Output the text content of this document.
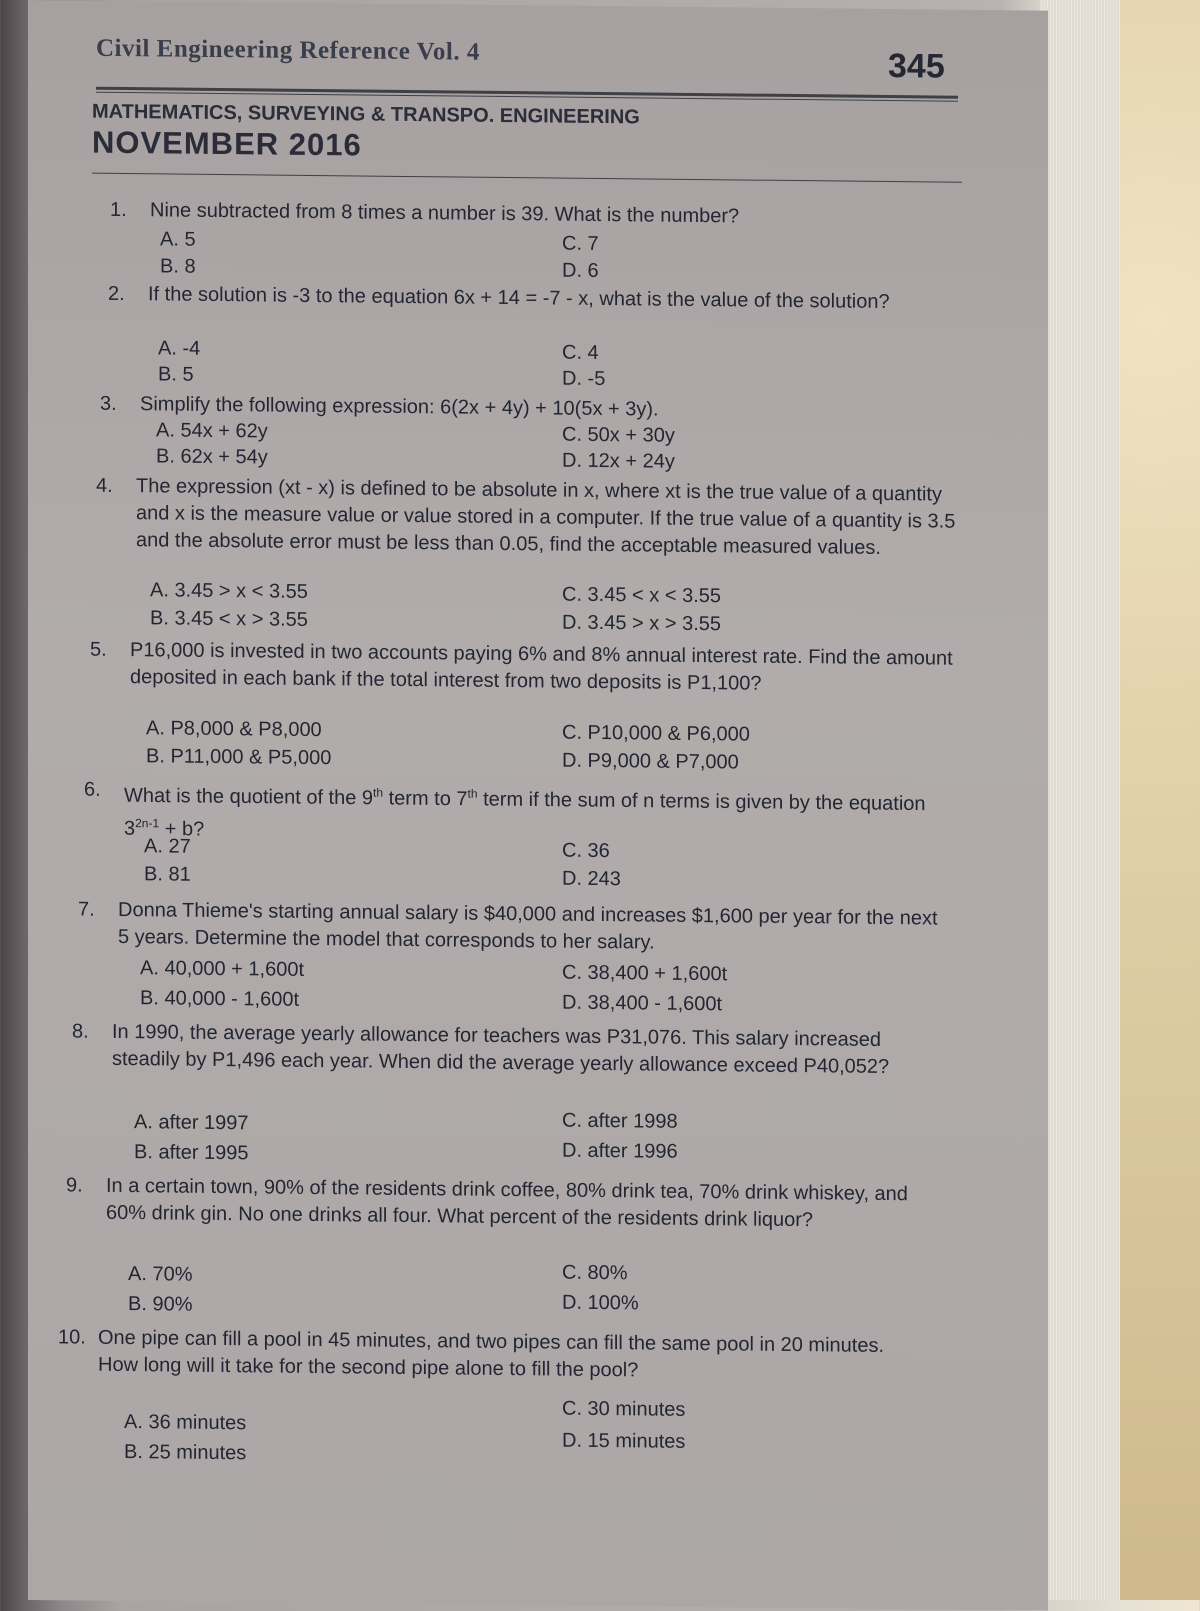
Civil Engineering Reference Vol. 4	345
MATHEMATICS, SURVEYING & TRANSPO. ENGINEERING
NOVEMBER 2016
1. Nine subtracted from 8 times a number is 39. What is the number?
A. 5
B. 8
C. 7
D. 6
2. If the solution is -3 to the equation 6x + 14 = -7 - x, what is the value of the solution?
A. -4
B. 5
C. 4
D. -5
3. Simplify the following expression: 6(2x + 4y) + 10(5x + 3y).
A. 54x + 62y
B. 62x + 54y
C. 50x + 30y
D. 12x + 24y
4. The expression (xt - x) is defined to be absolute in x, where xt is the true value of a quantity and x is the measure value or value stored in a computer. If the true value of a quantity is 3.5 and the absolute error must be less than 0.05, find the acceptable measured values.
A. 3.45 > x < 3.55
B. 3.45 < x > 3.55
C. 3.45 < x < 3.55
D. 3.45 > x > 3.55
5. P16,000 is invested in two accounts paying 6% and 8% annual interest rate. Find the amount deposited in each bank if the total interest from two deposits is P1,100?
A. P8,000 & P8,000
B. P11,000 & P5,000
C. P10,000 & P6,000
D. P9,000 & P7,000
6. What is the quotient of the 9th term to 7th term if the sum of n terms is given by the equation $3^{2n-1} + b$?
A. 27
B. 81
C. 36
D. 243
7. Donna Thieme's starting annual salary is $40,000 and increases $1,600 per year for the next 5 years. Determine the model that corresponds to her salary.
A. 40,000 + 1,600t
B. 40,000 - 1,600t
C. 38,400 + 1,600t
D. 38,400 - 1,600t
8. In 1990, the average yearly allowance for teachers was P31,076. This salary increased steadily by P1,496 each year. When did the average yearly allowance exceed P40,052?
A. after 1997
B. after 1995
C. after 1998
D. after 1996
9. In a certain town, 90% of the residents drink coffee, 80% drink tea, 70% drink whiskey, and 60% drink gin. No one drinks all four. What percent of the residents drink liquor?
A. 70%
B. 90%
C. 80%
D. 100%
10. One pipe can fill a pool in 45 minutes, and two pipes can fill the same pool in 20 minutes. How long will it take for the second pipe alone to fill the pool?
A. 36 minutes
B. 25 minutes
C. 30 minutes
D. 15 minutes
